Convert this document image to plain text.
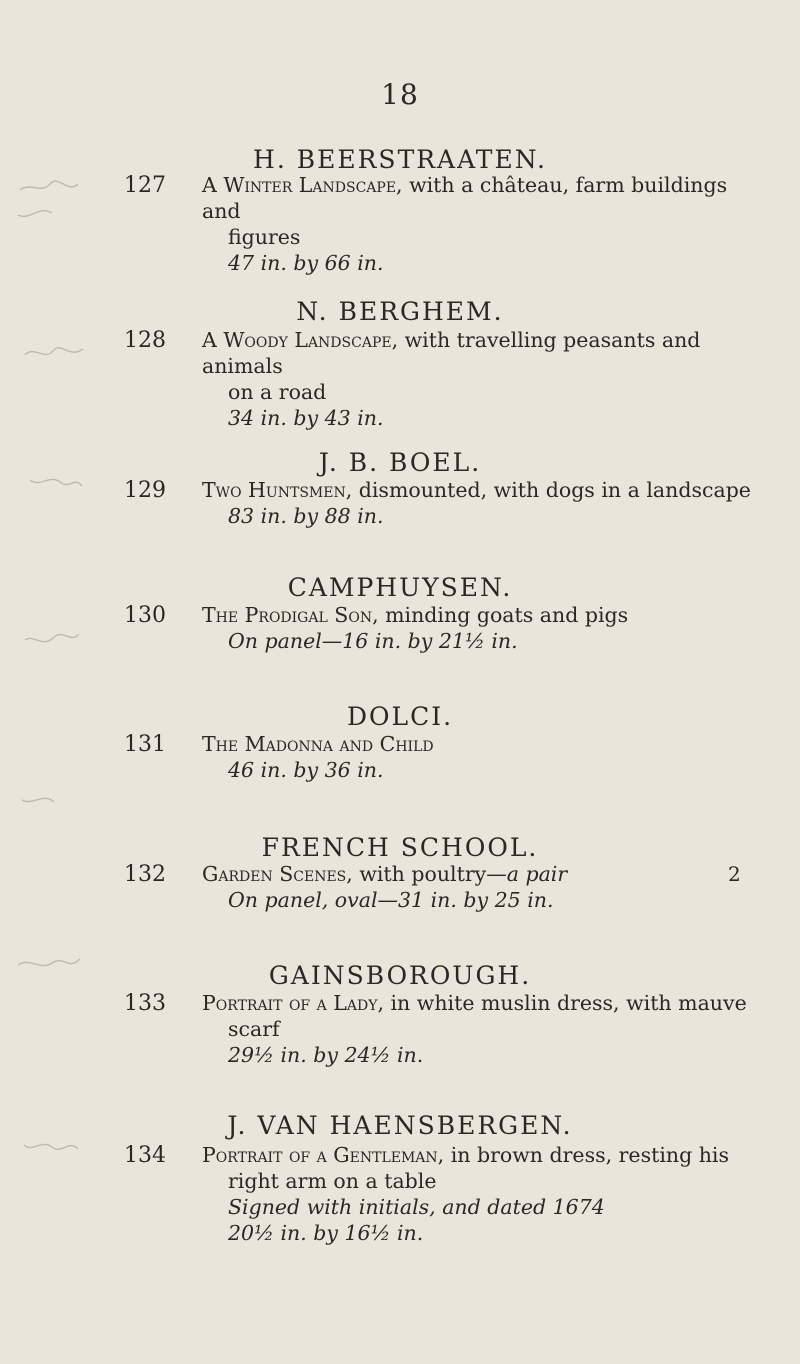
18
H. BEERSTRAATEN.
127 A Winter Landscape, with a château, farm buildings and
figures
47 in. by 66 in.
N. BERGHEM.
128 A Woody Landscape, with travelling peasants and animals
on a road
34 in. by 43 in.
J. B. BOEL.
129 Two Huntsmen, dismounted, with dogs in a landscape
83 in. by 88 in.
CAMPHUYSEN.
130 The Prodigal Son, minding goats and pigs
On panel—16 in. by 21½ in.
DOLCI.
131 The Madonna and Child
46 in. by 36 in.
FRENCH SCHOOL.
132 Garden Scenes, with poultry—a pair
On panel, oval—31 in. by 25 in.
2
GAINSBOROUGH.
133 Portrait of a Lady, in white muslin dress, with mauve
scarf
29½ in. by 24½ in.
J. VAN HAENSBERGEN.
134 Portrait of a Gentleman, in brown dress, resting his
right arm on a table
Signed with initials, and dated 1674
20½ in. by 16½ in.
